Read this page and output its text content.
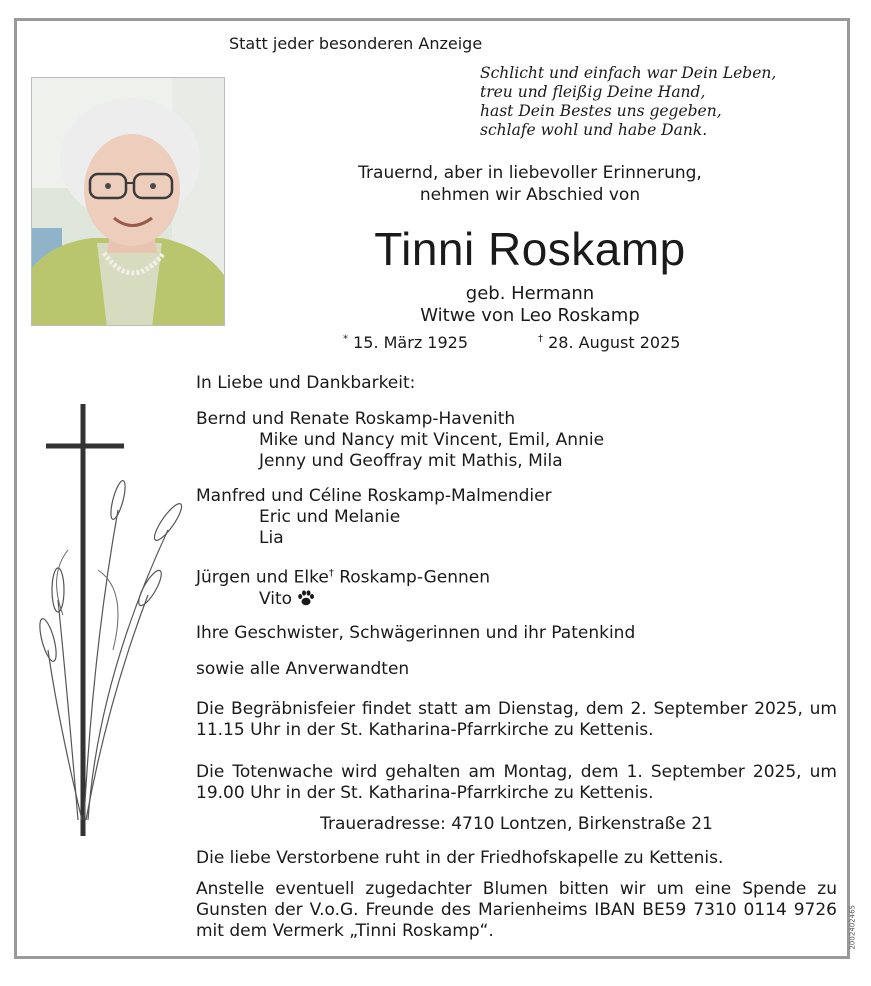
Statt jeder besonderen Anzeige
Schlicht und einfach war Dein Leben,
treu und fleißig Deine Hand,
hast Dein Bestes uns gegeben,
schlafe wohl und habe Dank.
Trauernd, aber in liebevoller Erinnerung,
nehmen wir Abschied von
Tinni Roskamp
geb. Hermann
Witwe von Leo Roskamp
* 15. März 1925	† 28. August 2025
In Liebe und Dankbarkeit:
Bernd und Renate Roskamp-Havenith
Mike und Nancy mit Vincent, Emil, Annie
Jenny und Geoffray mit Mathis, Mila
Manfred und Céline Roskamp-Malmendier
Eric und Melanie
Lia
Jürgen und Elke† Roskamp-Gennen
Vito
Ihre Geschwister, Schwägerinnen und ihr Patenkind
sowie alle Anverwandten
Die Begräbnisfeier findet statt am Dienstag, dem 2. September 2025, um 11.15 Uhr in der St. Katharina-Pfarrkirche zu Kettenis.
Die Totenwache wird gehalten am Montag, dem 1. September 2025, um 19.00 Uhr in der St. Katharina-Pfarrkirche zu Kettenis.
Traueradresse: 4710 Lontzen, Birkenstraße 21
Die liebe Verstorbene ruht in der Friedhofskapelle zu Kettenis.
Anstelle eventuell zugedachter Blumen bitten wir um eine Spende zu Gunsten der V.o.G. Freunde des Marienheims IBAN BE59 7310 0114 9726 mit dem Vermerk „Tinni Roskamp“.	2002402465
